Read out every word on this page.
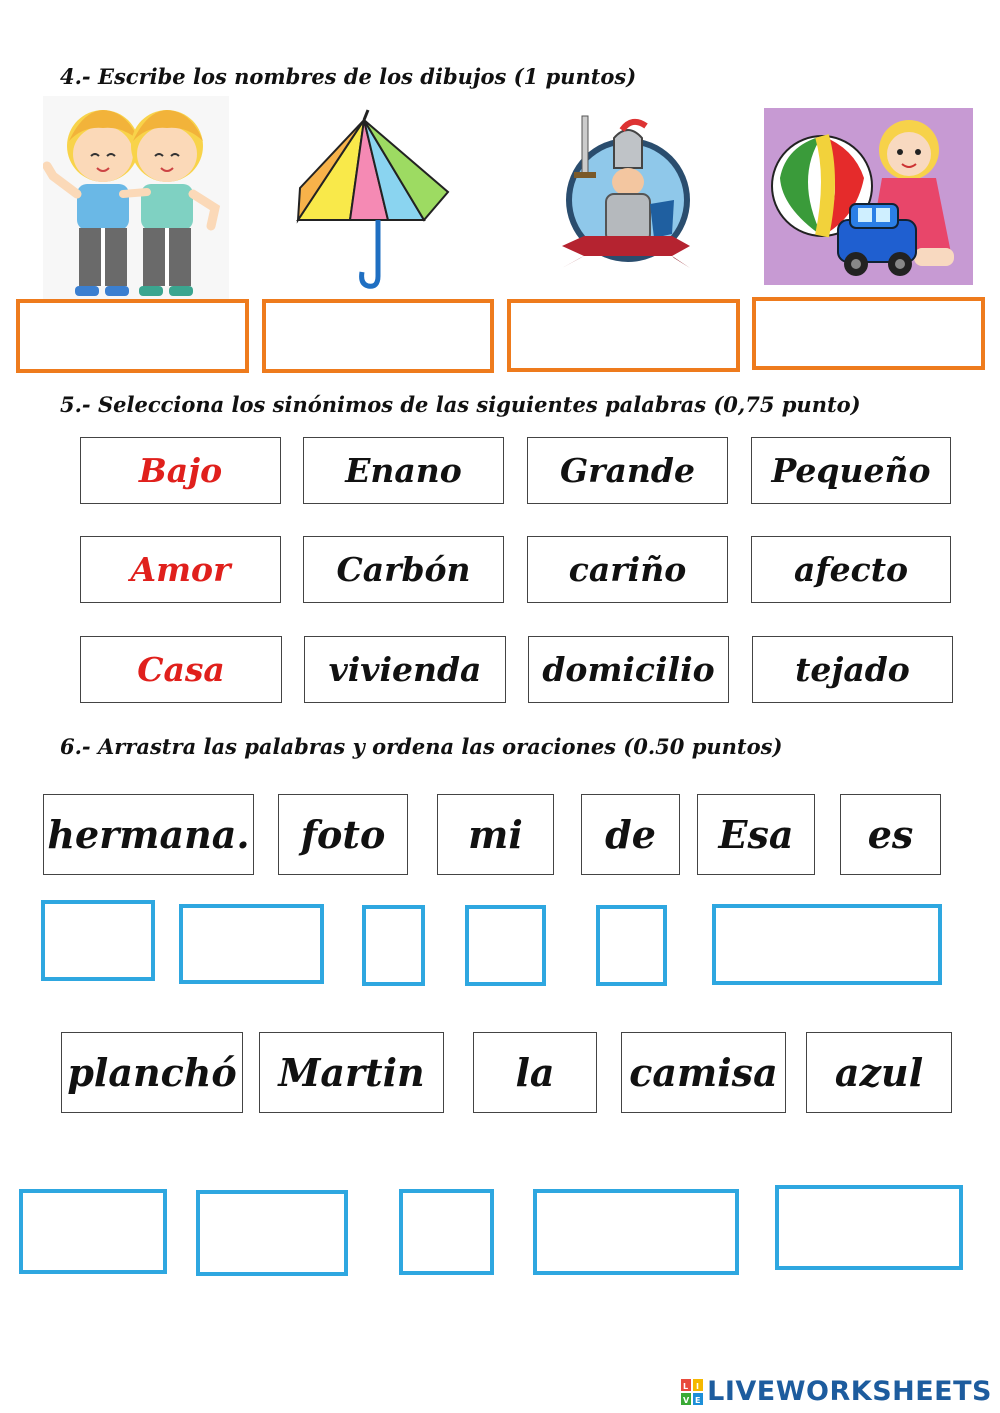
4.- Escribe los nombres de los dibujos (1 puntos)
5.- Selecciona los sinónimos de las siguientes palabras (0,75 punto)
Bajo	Enano	Grande	Pequeño
Amor	Carbón	cariño	afecto
Casa	vivienda	domicilio	tejado
6.- Arrastra las palabras y ordena las oraciones (0.50 puntos)
hermana.	foto	mi	de	Esa	es
planchó	Martin	la	camisa	azul
L I
V E LIVEWORKSHEETS
